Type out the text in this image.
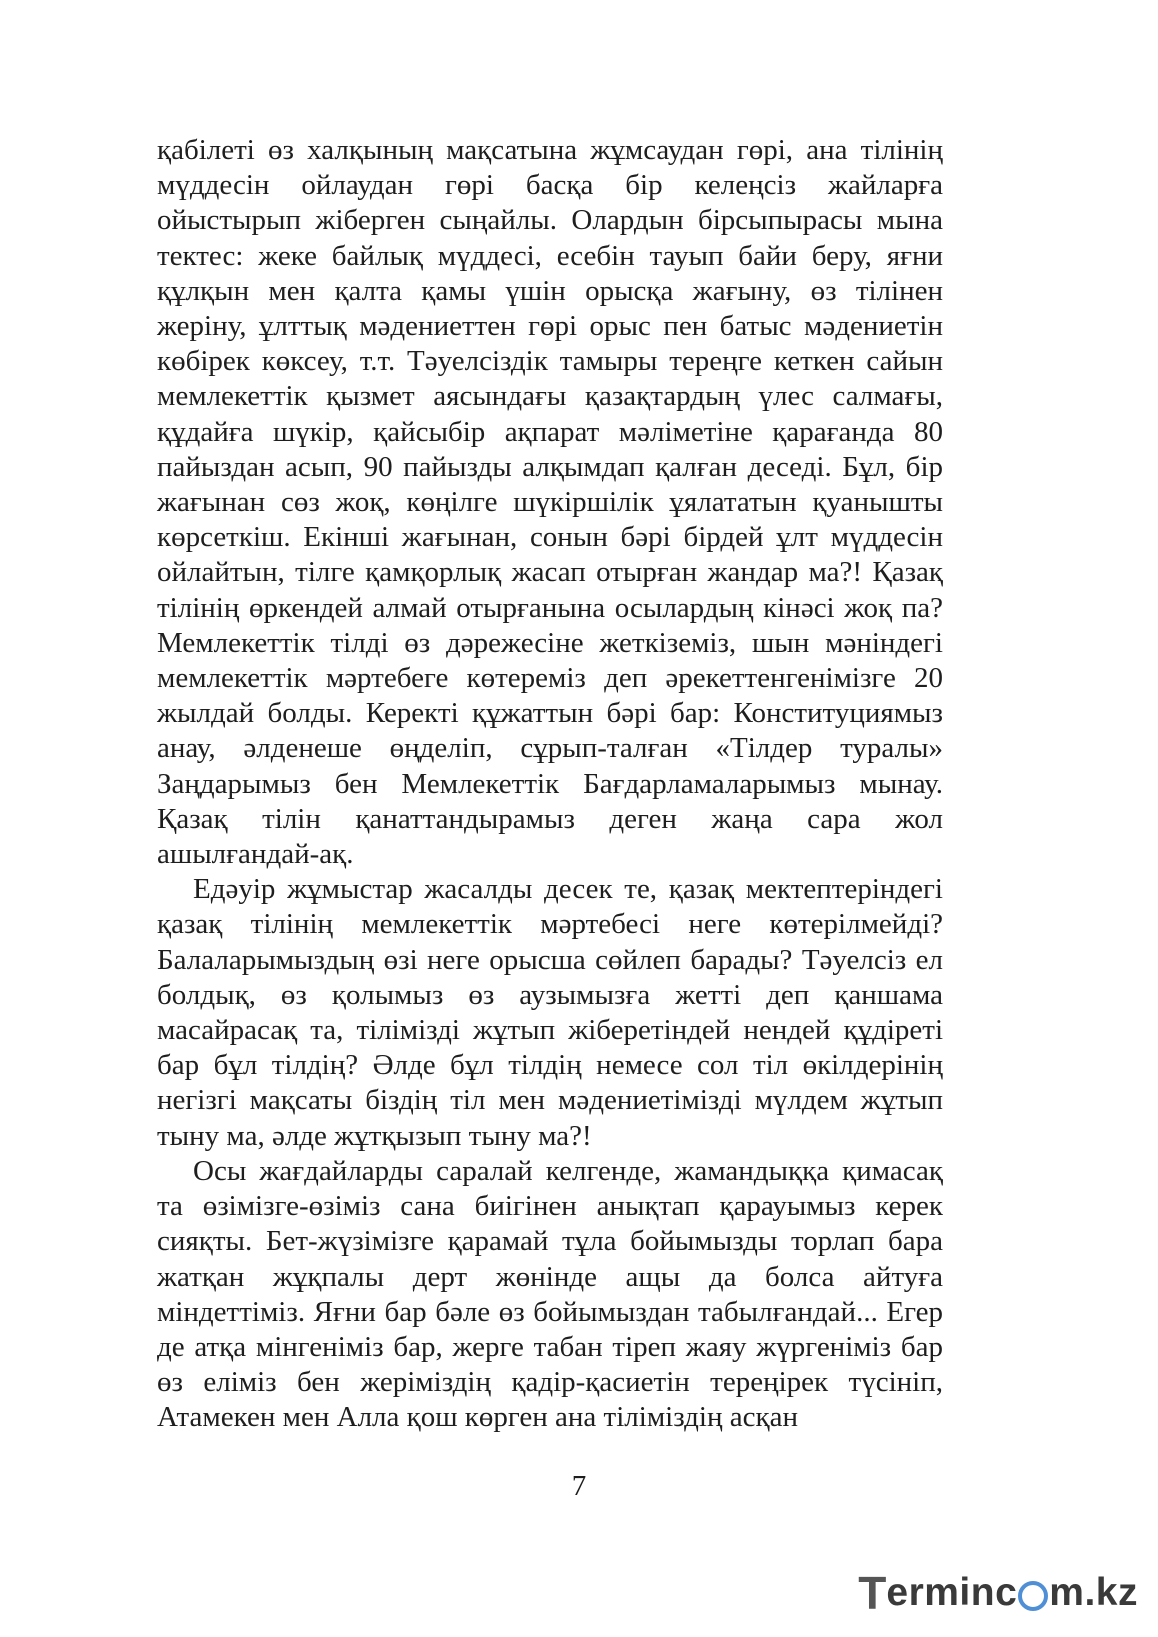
қабілеті өз халқының мақсатына жұмсаудан гөрі, ана тілінің мүддесін ойлаудан гөрі басқа бір келеңсіз жайларға ойыстырып жіберген сыңайлы. Олардын бірсыпырасы мына тектес: жеке байлық мүддесі, есебін тауып байи беру, яғни құлқын мен қалта қамы үшін орысқа жағыну, өз тілінен жеріну, ұлттық мәдениеттен гөрі орыс пен батыс мәдениетін көбірек көксеу, т.т. Тәуелсіздік тамыры тереңге кеткен сайын мемлекеттік қызмет аясындағы қазақтардың үлес салмағы, құдайға шүкір, қайсыбір ақпарат мәліметіне қарағанда 80 пайыздан асып, 90 пайызды алқымдап қалған деседі. Бұл, бір жағынан сөз жоқ, көңілге шүкіршілік ұялататын қуанышты көрсеткіш. Екінші жағынан, сонын бәрі бірдей ұлт мүддесін ойлайтын, тілге қамқорлық жасап отырған жандар ма?! Қазақ тілінің өркендей алмай отырғанына осылардың кінәсі жоқ па? Мемлекеттік тілді өз дәрежесіне жеткіземіз, шын мәніндегі мемлекеттік мәртебеге көтереміз деп әрекеттенгенімізге 20 жылдай болды. Керекті құжаттын бәрі бар: Конституциямыз анау, әлденеше өңделіп, сұрып-талған «Тілдер туралы» Заңдарымыз бен Мемлекеттік Бағдарламаларымыз мынау. Қазақ тілін қанаттандырамыз деген жаңа сара жол ашылғандай-ақ.

Едәуір жұмыстар жасалды десек те, қазақ мектептеріндегі қазақ тілінің мемлекеттік мәртебесі неге көтерілмейді? Балаларымыздың өзі неге орысша сөйлеп барады? Тәуелсіз ел болдық, өз қолымыз өз аузымызға жетті деп қаншама масайрасақ та, тілімізді жұтып жіберетіндей нендей құдіреті бар бұл тілдің? Әлде бұл тілдің немесе сол тіл өкілдерінің негізгі мақсаты біздің тіл мен мәдениетімізді мүлдем жұтып тыну ма, әлде жұтқызып тыну ма?!

Осы жағдайларды саралай келгенде, жамандыққа қимасақ та өзімізге-өзіміз сана биігінен анықтап қарауымыз керек сияқты. Бет-жүзімізге қарамай тұла бойымызды торлап бара жатқан жұқпалы дерт жөнінде ащы да болса айтуға міндеттіміз. Яғни бар бәле өз бойымыздан табылғандай... Егер де атқа мінгеніміз бар, жерге табан тіреп жаяу жүргеніміз бар өз еліміз бен жеріміздің қадір-қасиетін тереңірек түсініп, Атамекен мен Алла қош көрген ана тіліміздің асқан

7
T erminc m.kz
